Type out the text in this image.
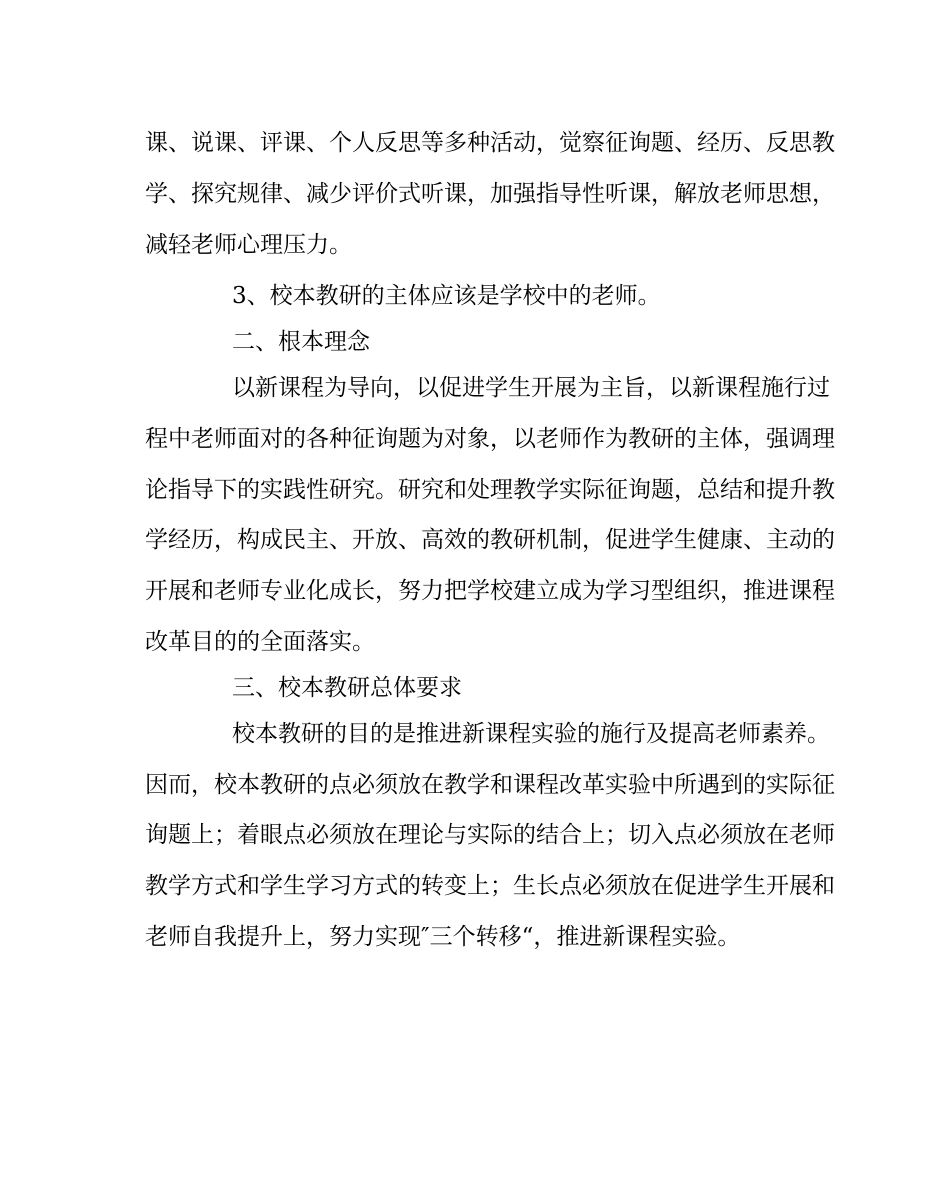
课、说课、评课、个人反思等多种活动，觉察征询题、经历、反思教
学、探究规律、减少评价式听课，加强指导性听课，解放老师思想，
减轻老师心理压力。
3、校本教研的主体应该是学校中的老师。
二、根本理念
以新课程为导向，以促进学生开展为主旨，以新课程施行过
程中老师面对的各种征询题为对象，以老师作为教研的主体，强调理
论指导下的实践性研究。研究和处理教学实际征询题，总结和提升教
学经历，构成民主、开放、高效的教研机制，促进学生健康、主动的
开展和老师专业化成长，努力把学校建立成为学习型组织，推进课程
改革目的的全面落实。
三、校本教研总体要求
校本教研的目的是推进新课程实验的施行及提高老师素养。
因而，校本教研的点必须放在教学和课程改革实验中所遇到的实际征
询题上；着眼点必须放在理论与实际的结合上；切入点必须放在老师
教学方式和学生学习方式的转变上；生长点必须放在促进学生开展和
老师自我提升上，努力实现″三个转移“，推进新课程实验。
